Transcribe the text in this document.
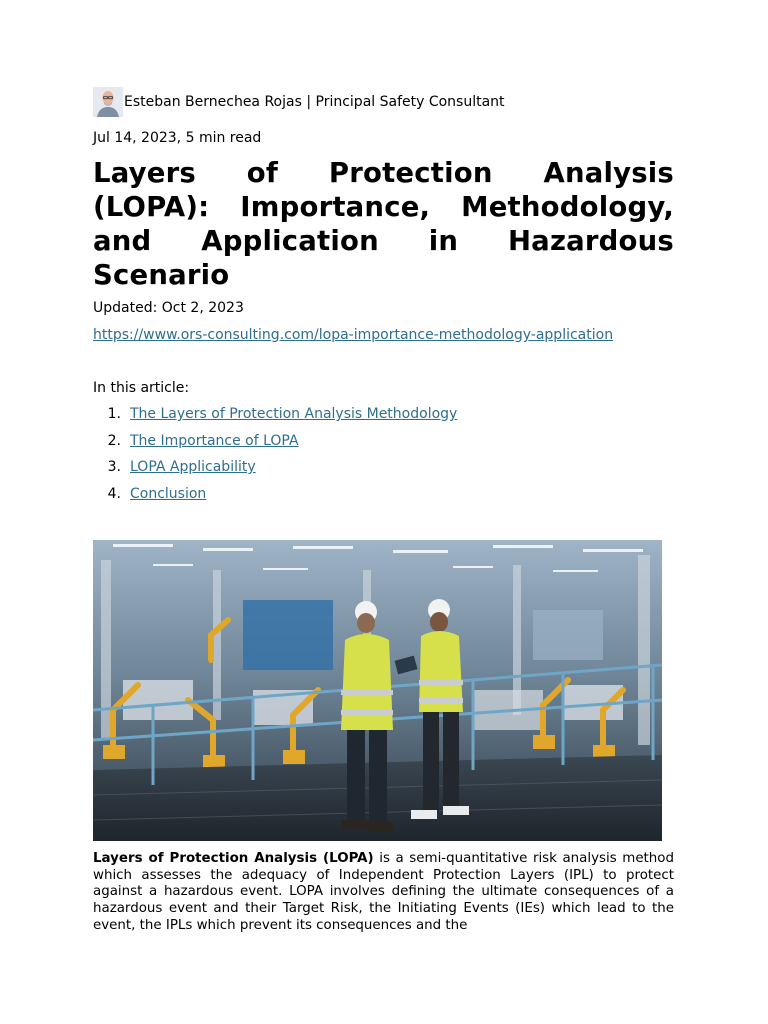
Esteban Bernechea Rojas | Principal Safety Consultant
Jul 14, 2023, 5 min read
Layers of Protection Analysis (LOPA): Importance, Methodology, and Application in Hazardous Scenario
Updated: Oct 2, 2023
https://www.ors-consulting.com/lopa-importance-methodology-application
In this article:
1. The Layers of Protection Analysis Methodology
2. The Importance of LOPA
3. LOPA Applicability
4. Conclusion

Layers of Protection Analysis (LOPA) is a semi-quantitative risk analysis method which assesses the adequacy of Independent Protection Layers (IPL) to protect against a hazardous event. LOPA involves defining the ultimate consequences of a hazardous event and their Target Risk, the Initiating Events (IEs) which lead to the event, the IPLs which prevent its consequences and the
